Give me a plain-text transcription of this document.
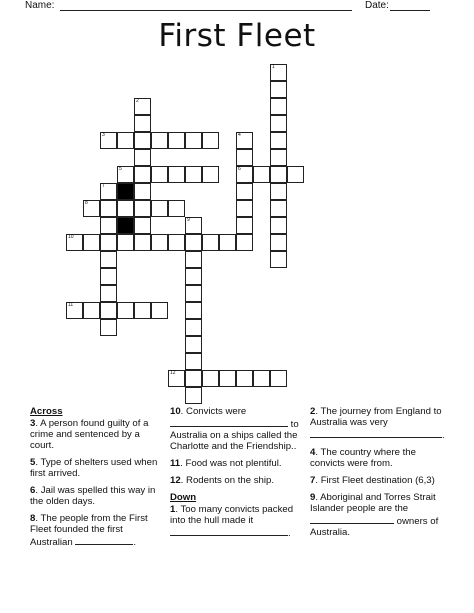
Name:	Date:
First Fleet
1
2
3	4
5	6
7
8
9
10
11
12
Across
3. A person found guilty of a crime and sentenced by a court.
5. Type of shelters used when first arrived.
6. Jail was spelled this way in the olden days.
8. The people from the First Fleet founded the first Australian	.
10. Convicts were
to Australia on a ships called the Charlotte and the Friendship..
11. Food was not plentiful.
12. Rodents on the ship.
Down
1. Too many convicts packed into the hull made it .
2. The journey from England to Australia was very
.
4. The country where the convicts were from.
7. First Fleet destination (6,3)
9. Aboriginal and Torres Strait Islander people are the  owners of Australia.
